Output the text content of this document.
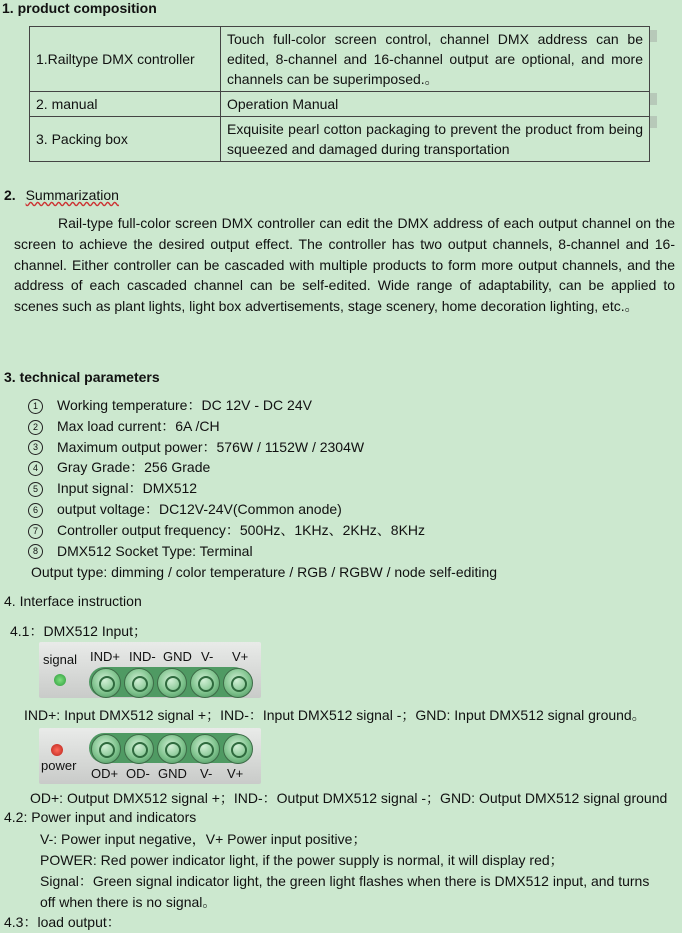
1. product composition
1.Railtype DMX controller	Touch full-color screen control, channel DMX address can be edited, 8-channel and 16-channel output are optional, and more channels can be superimposed.。
2. manual	Operation Manual
3. Packing box	Exquisite pearl cotton packaging to prevent the product from being squeezed and damaged during transportation
2. Summarization
Rail-type full-color screen DMX controller can edit the DMX address of each output channel on the screen to achieve the desired output effect. The controller has two output channels, 8-channel and 16-channel. Either controller can be cascaded with multiple products to form more output channels, and the address of each cascaded channel can be self-edited. Wide range of adaptability, can be applied to scenes such as plant lights, light box advertisements, stage scenery, home decoration lighting, etc.。
3. technical parameters
1 Working temperature：DC 12V - DC 24V
2 Max load current：6A /CH
3 Maximum output power：576W / 1152W / 2304W
4 Gray Grade：256 Grade
5 Input signal：DMX512
6 output voltage：DC12V-24V(Common anode)
7 Controller output frequency：500Hz、1KHz、2KHz、8KHz
8 DMX512 Socket Type: Terminal
Output type: dimming / color temperature / RGB / RGBW / node self-editing
4. Interface instruction
4.1：DMX512 Input；
signal IND+ IND- GND V- V+
IND+: Input DMX512 signal +；IND-：Input DMX512 signal -；GND: Input DMX512 signal ground。
power
OD+ OD- GND V- V+
OD+: Output DMX512 signal +；IND-：Output DMX512 signal -；GND: Output DMX512 signal ground
4.2: Power input and indicators
V-: Power input negative，V+ Power input positive；
POWER: Red power indicator light, if the power supply is normal, it will display red；
Signal：Green signal indicator light, the green light flashes when there is DMX512 input, and turns
off when there is no signal。
4.3：load output：
